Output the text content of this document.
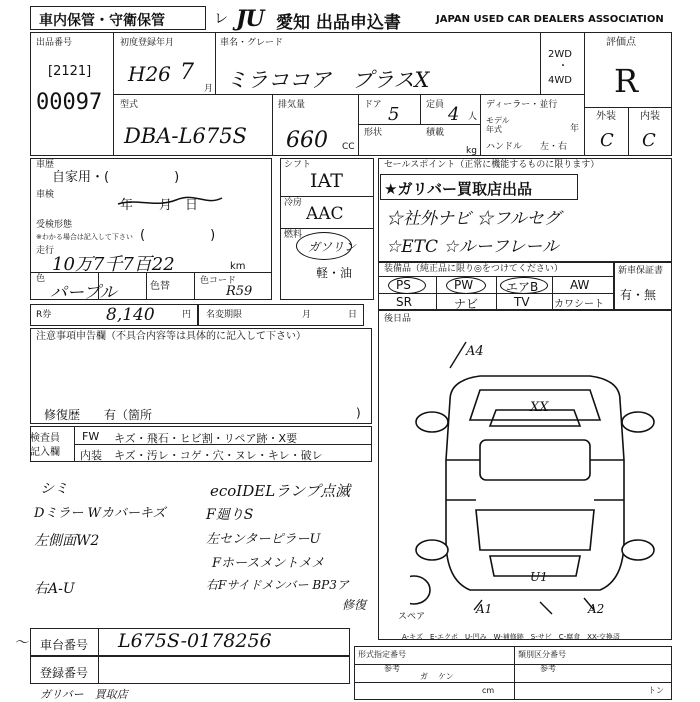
車内保管・守衛保管	レ JU 愛知 出品申込書	JAPAN USED CAR DEALERS ASSOCIATION
出品番号
[2121]
00097
初度登録年月
H26 7
月
車名・グレード
ミラココア　プラスX
2WD
・
4WD
評価点
R
外装 内装
C C
型式
DBA-L675S
排気量
660 CC
ドア 5	定員 4 人
形状	積載
kg
ディーラー・並行
モデル年式	年
ハンドル 左・右
車歴
自家用・(　　　　　)
車検
年　　月　日
受検形態
※わかる場合は記入して下さい (　　　　　)
走行
10万7千7百22	km
色
パープル	色替	色コード
R59
シフト
IAT
冷房
AAC
燃料
ガソリン
軽・油
セールスポイント（正常に機能するものに限ります）
★ガリバー買取店出品
☆社外ナビ ☆フルセグ
☆ETC ☆ルーフレール
装備品（純正品に限り◎をつけてください）
PS	PW	エアB	AW
SR	ナビ	TV カワシート
新車保証書
有・無
R券	8,140	円 名変期限	月	日
注意事項申告欄（不具合内容等は具体的に記入して下さい）
修復歴　　有（箇所	)
後日品
検査員記入欄
FW キズ・飛石・ヒビ割・リペア跡・X要
内装 キズ・汚レ・コゲ・穴・ヌレ・キレ・破レ
シミ
Dミラー Wカバーキズ
左側面W2
右A-U
ecoIDELランプ点滅
F廻りS
左センターピラーU
Fホースメントメメ
右Fサイドメンバー BP3ア
修復
A4
XX
U1
A1	A2
スペア
A-キズ　E-エクボ　U-凹み　W-補修跡　S-サビ　C-腐食　XX-交換済
〜 車台番号 L675S-0178256
登録番号
ガリバー　買取店
形式指定番号
参考
類別区分番号
参考
ガ ケン
cm	トン
